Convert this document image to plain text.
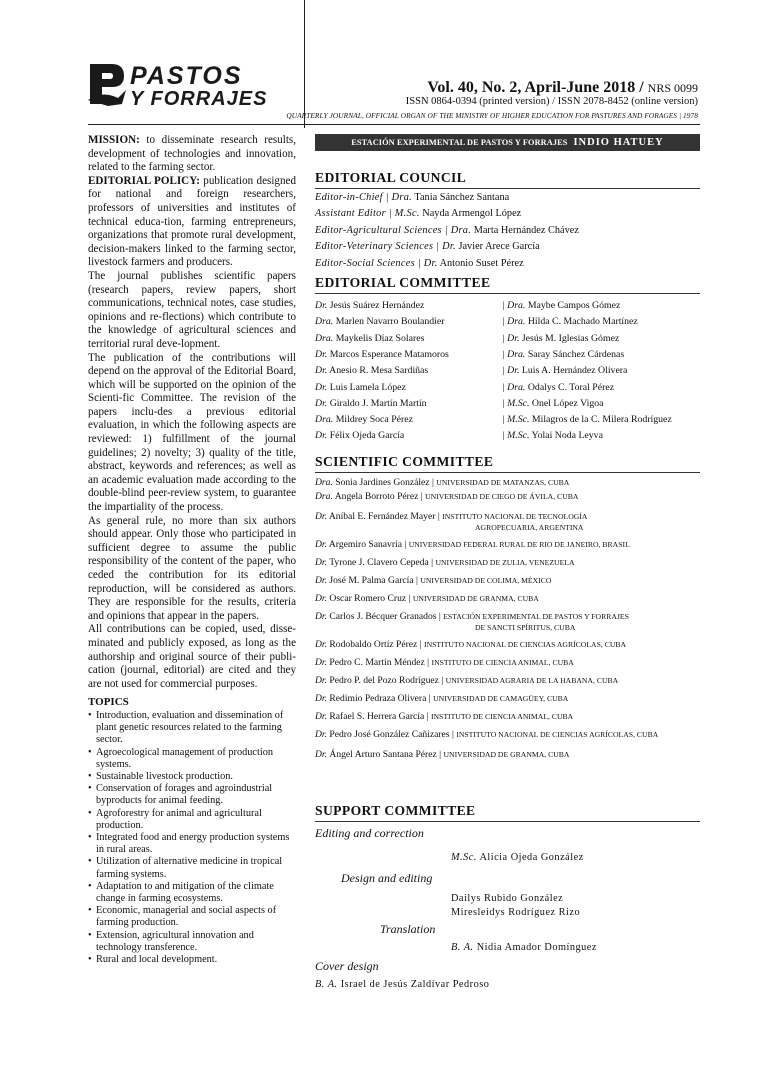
PASTOS
Y FORRAJES
Vol. 40, No. 2, April-June 2018 / NRS 0099
ISSN 0864-0394 (printed version) / ISSN 2078-8452 (online version)
QUARTERLY JOURNAL, OFFICIAL ORGAN OF THE MINISTRY OF HIGHER EDUCATION FOR PASTURES AND FORAGES | 1978

MISSION: to disseminate research results, development of technologies and innovation, related to the farming sector.

EDITORIAL POLICY: publication designed for national and foreign researchers, professors of universities and institutes of technical educa-tion, farming entrepreneurs, organizations that promote rural development, decision-makers linked to the farming sector, livestock farmers and producers.

The journal publishes scientific papers (research papers, review papers, short communications, technical notes, case studies, opinions and re-flections) which contribute to the knowledge of agricultural sciences and territorial rural deve-lopment.

The publication of the contributions will depend on the approval of the Editorial Board, which will be supported on the opinion of the Scienti-fic Committee. The revision of the papers inclu-des a previous editorial evaluation, in which the following aspects are reviewed: 1) fulfillment of the journal guidelines; 2) novelty; 3) quality of the title, abstract, keywords and references; as well as an academic evaluation made according to the double-blind peer-review system, to guarantee the impartiality of the process.

As general rule, no more than six authors should appear. Only those who participated in sufficient degree to assume the public responsibility of the content of the paper, who ceded the contribution for its editorial reproduction, will be considered as authors. They are responsible for the results, criteria and opinions that appear in the papers.

All contributions can be copied, used, disse-minated and publicly exposed, as long as the authorship and original source of their publi-cation (journal, editorial) are cited and they are not used for commercial purposes.

TOPICS
• Introduction, evaluation and dissemination of plant genetic resources related to the farming sector.
• Agroecological management of production systems.
• Sustainable livestock production.
• Conservation of forages and agroindustrial byproducts for animal feeding.
• Agroforestry for animal and agricultural production.
• Integrated food and energy production systems in rural areas.
• Utilization of alternative medicine in tropical farming systems.
• Adaptation to and mitigation of the climate change in farming ecosystems.
• Economic, managerial and social aspects of farming production.
• Extension, agricultural innovation and technology transference.
• Rural and local development.
ESTACIÓN EXPERIMENTAL DE PASTOS Y FORRAJES INDIO HATUEY
EDITORIAL COUNCIL
Editor-in-Chief | Dra. Tania Sánchez Santana
Assistant Editor | M.Sc. Nayda Armengol López
Editor-Agricultural Sciences | Dra. Marta Hernández Chávez
Editor-Veterinary Sciences | Dr. Javier Arece García
Editor-Social Sciences | Dr. Antonio Suset Pérez
EDITORIAL COMMITTEE
Dr. Jesús Suárez Hernández	| Dra. Maybe Campos Gómez
Dra. Marlen Navarro Boulandier	| Dra. Hilda C. Machado Martínez
Dra. Maykelis Díaz Solares	| Dr. Jesús M. Iglesias Gómez
Dr. Marcos Esperance Matamoros	| Dra. Saray Sánchez Cárdenas
Dr. Anesio R. Mesa Sardiñas	| Dr. Luis A. Hernández Olivera
Dr. Luis Lamela López	| Dra. Odalys C. Toral Pérez
Dr. Giraldo J. Martín Martín	| M.Sc. Onel López Vigoa
Dra. Mildrey Soca Pérez	| M.Sc. Milagros de la C. Milera Rodríguez
Dr. Félix Ojeda García	| M.Sc. Yolai Noda Leyva
SCIENTIFIC COMMITTEE
Dra. Sonia Jardines González | UNIVERSIDAD DE MATANZAS, CUBA
Dra. Angela Borroto Pérez | UNIVERSIDAD DE CIEGO DE ÁVILA, CUBA
Dr. Aníbal E. Fernández Mayer | INSTITUTO NACIONAL DE TECNOLOGÍA
AGROPECUARIA, ARGENTINA
Dr. Argemiro Sanavria | UNIVERSIDAD FEDERAL RURAL DE RIO DE JANEIRO, BRASIL
Dr. Tyrone J. Clavero Cepeda | UNIVERSIDAD DE ZULIA, VENEZUELA
Dr. José M. Palma García | UNIVERSIDAD DE COLIMA, MÉXICO
Dr. Oscar Romero Cruz | UNIVERSIDAD DE GRANMA, CUBA
Dr. Carlos J. Bécquer Granados | ESTACIÓN EXPERIMENTAL DE PASTOS Y FORRAJES
DE SANCTI SPÍRITUS, CUBA
Dr. Rodobaldo Ortíz Pérez | INSTITUTO NACIONAL DE CIENCIAS AGRÍCOLAS, CUBA
Dr. Pedro C. Martín Méndez | INSTITUTO DE CIENCIA ANIMAL, CUBA
Dr. Pedro P. del Pozo Rodríguez | UNIVERSIDAD AGRARIA DE LA HABANA, CUBA
Dr. Redimio Pedraza Olivera | UNIVERSIDAD DE CAMAGÜEY, CUBA
Dr. Rafael S. Herrera García | INSTITUTO DE CIENCIA ANIMAL, CUBA
Dr. Pedro José González Cañizares | INSTITUTO NACIONAL DE CIENCIAS AGRÍCOLAS, CUBA
Dr. Ángel Arturo Santana Pérez | UNIVERSIDAD DE GRANMA, CUBA
SUPPORT COMMITTEE
Editing and correction
M.Sc. Alicia Ojeda González
Design and editing
Dailys Rubido González
Miresleidys Rodríguez Rizo
Translation
B. A. Nidia Amador Domínguez
Cover design
B. A. Israel de Jesús Zaldívar Pedroso
